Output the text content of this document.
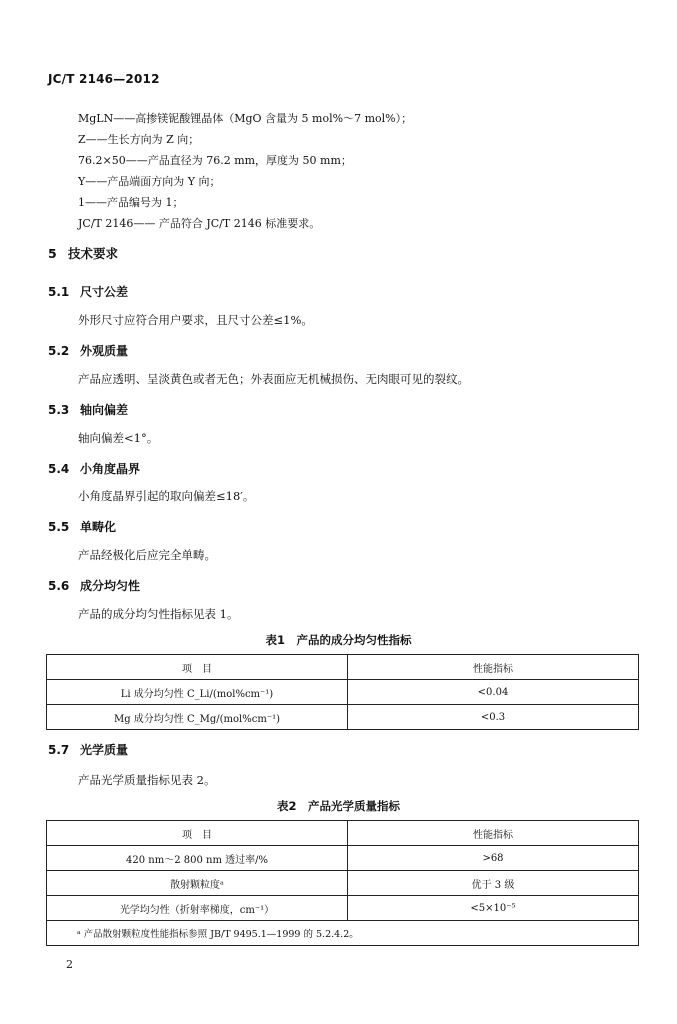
JC/T 2146—2012
MgLN——高掺镁铌酸锂晶体（MgO 含量为 5 mol%～7 mol%）；
Z——生长方向为 Z 向；
76.2×50——产品直径为 76.2 mm，厚度为 50 mm；
Y——产品端面方向为 Y 向；
1——产品编号为 1；
JC/T 2146—— 产品符合 JC/T 2146 标准要求。
5 技术要求
5.1 尺寸公差
外形尺寸应符合用户要求，且尺寸公差≤1%。
5.2 外观质量
产品应透明、呈淡黄色或者无色；外表面应无机械损伤、无肉眼可见的裂纹。
5.3 轴向偏差
轴向偏差<1°。
5.4 小角度晶界
小角度晶界引起的取向偏差≤18′。
5.5 单畴化
产品经极化后应完全单畴。
5.6 成分均匀性
产品的成分均匀性指标见表 1。
表1　产品的成分均匀性指标
项　目	性能指标
Li 成分均匀性 C_Li/(mol%cm⁻¹)	<0.04
Mg 成分均匀性 C_Mg/(mol%cm⁻¹)	<0.3
5.7 光学质量
产品光学质量指标见表 2。
表2　产品光学质量指标
项　目	性能指标
420 nm～2 800 nm 透过率/%	>68
散射颗粒度ᵃ	优于 3 级
光学均匀性（折射率梯度，cm⁻¹）	<5×10⁻⁵
ᵃ 产品散射颗粒度性能指标参照 JB/T 9495.1—1999 的 5.2.4.2。	
2
